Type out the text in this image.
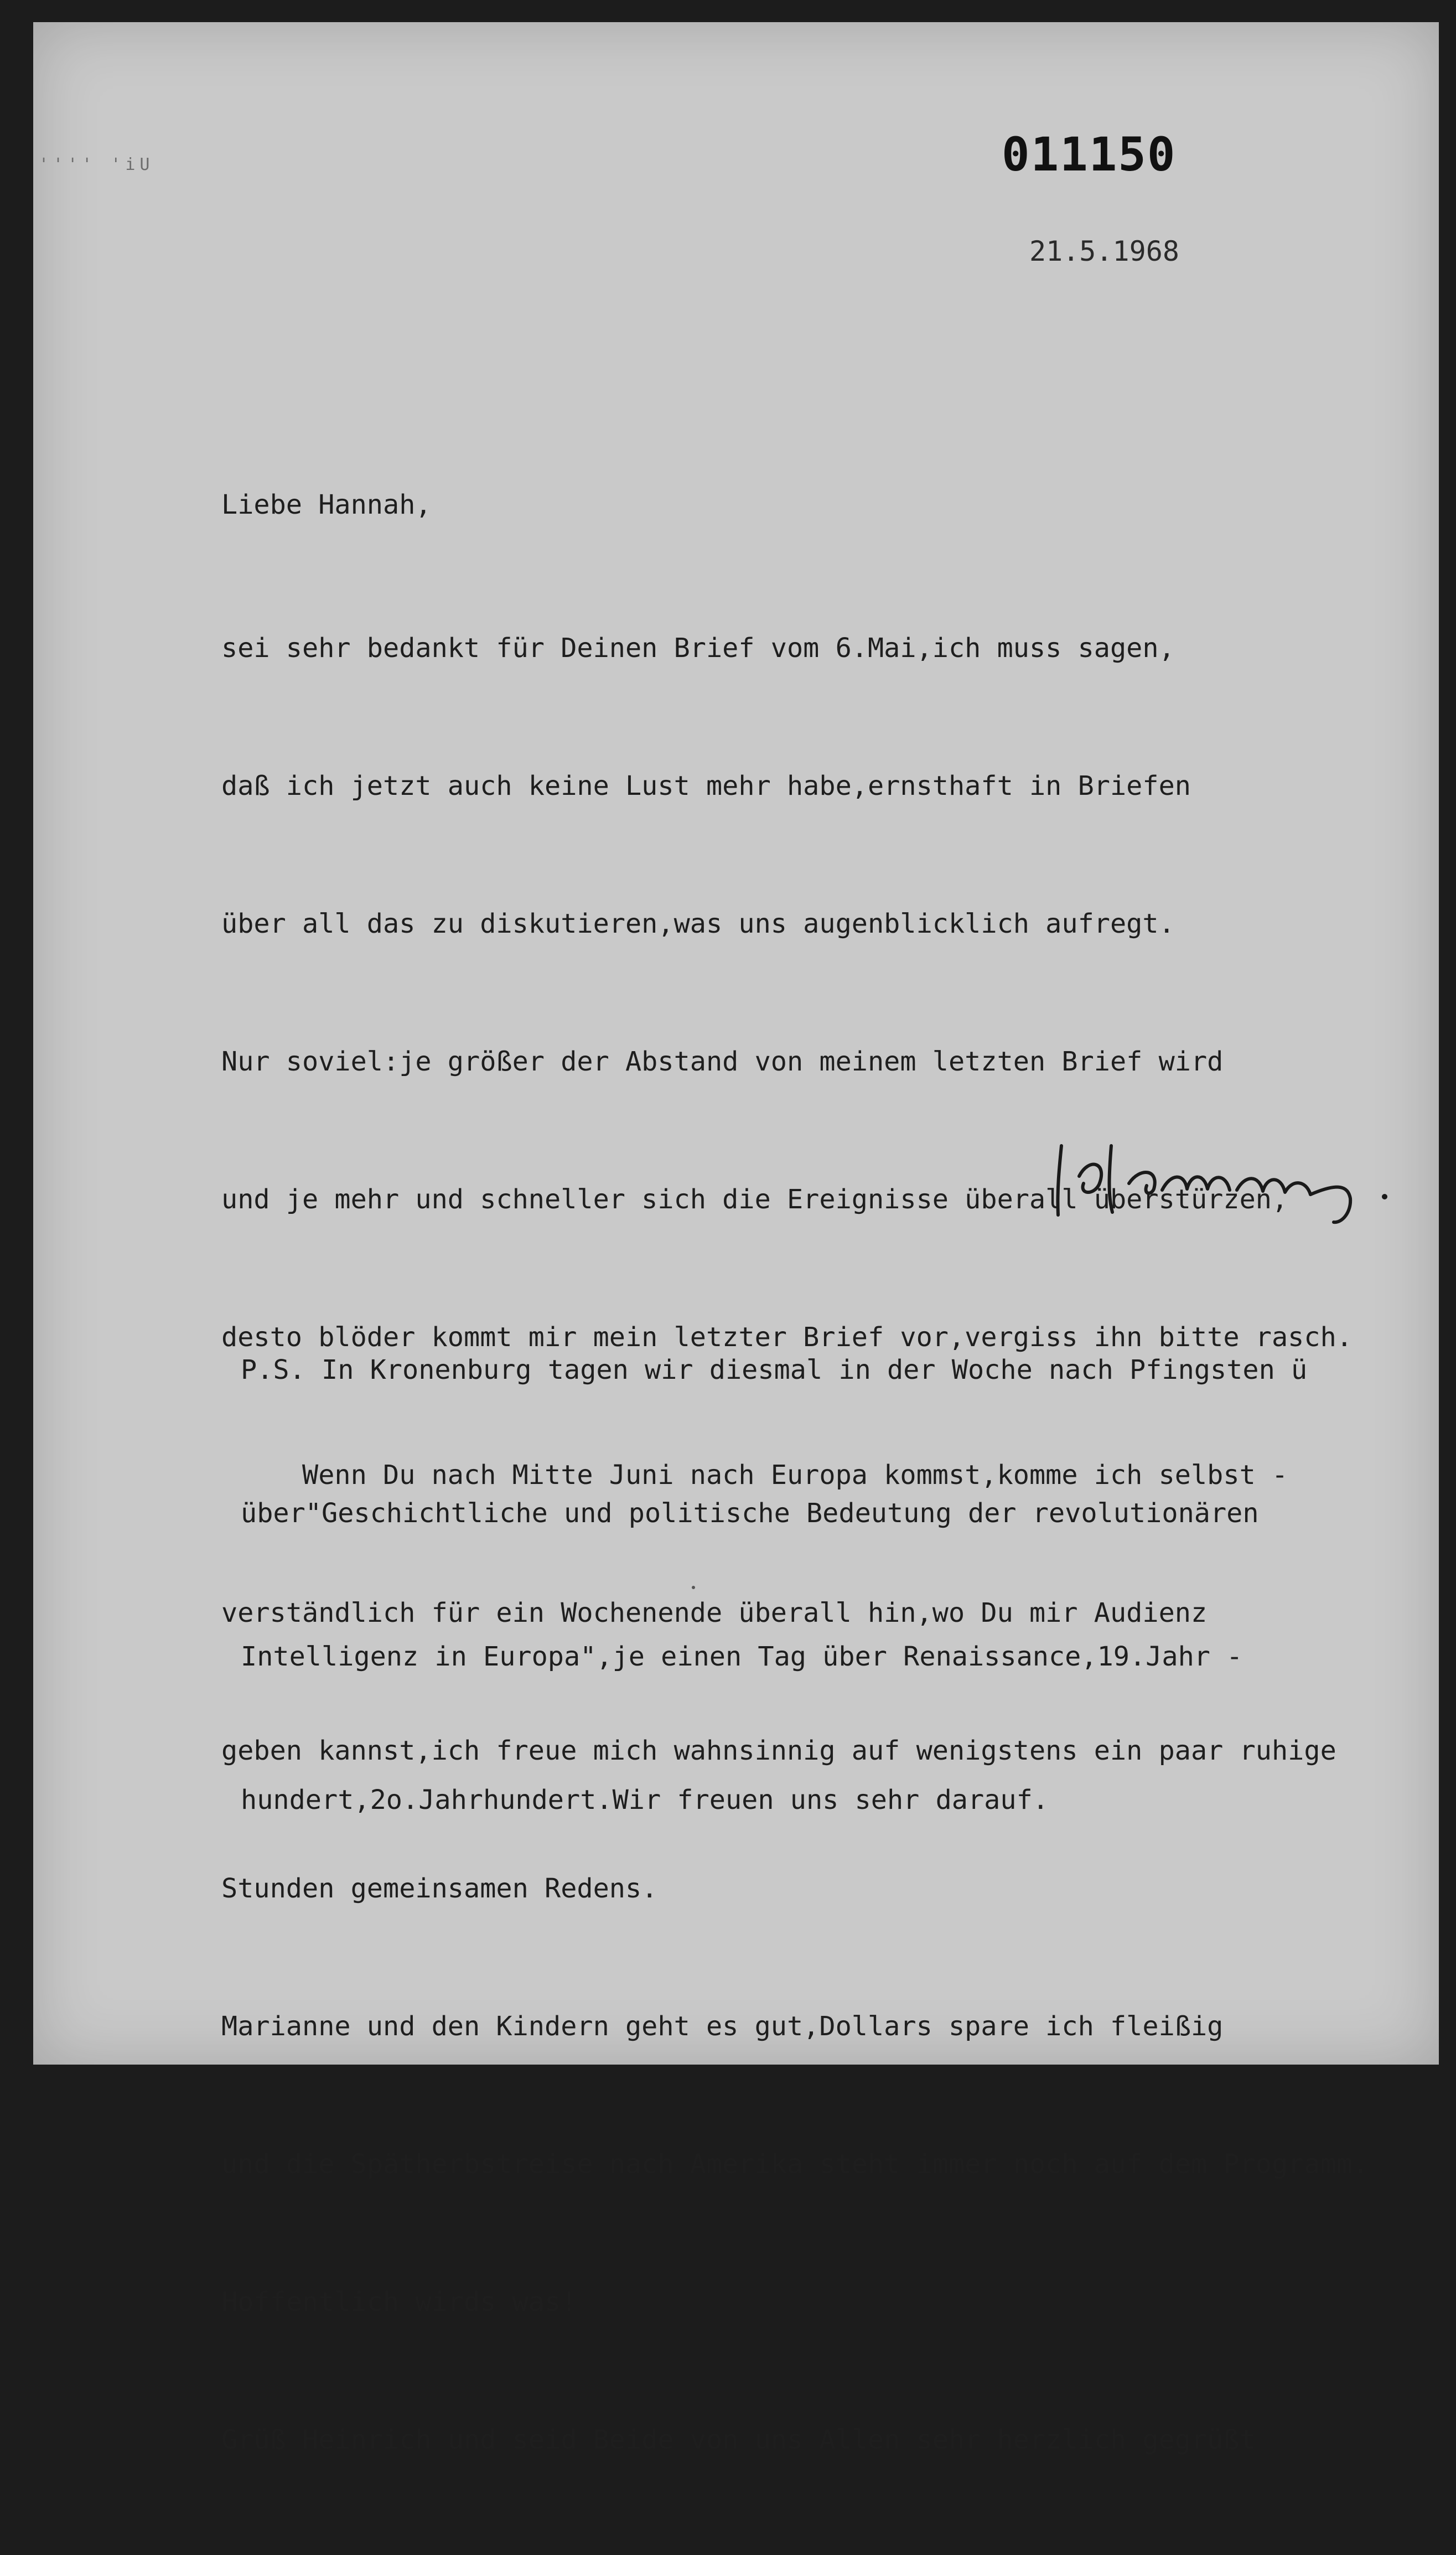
'''' 'iU	011150
21.5.1968

Liebe Hannah,

sei sehr bedankt für Deinen Brief vom 6.Mai,ich muss sagen,

daß ich jetzt auch keine Lust mehr habe,ernsthaft in Briefen

über all das zu diskutieren,was uns augenblicklich aufregt.

Nur soviel:je größer der Abstand von meinem letzten Brief wird

und je mehr und schneller sich die Ereignisse überall überstürzen,

desto blöder kommt mir mein letzter Brief vor,vergiss ihn bitte rasch.

Wenn Du nach Mitte Juni nach Europa kommst,komme ich selbst -

verständlich für ein Wochenende überall hin,wo Du mir Audienz

geben kannst,ich freue mich wahnsinnig auf wenigstens ein paar ruhige

Stunden gemeinsamen Redens.

Marianne und den Kindern geht es gut,Dollars spare ich fleißig

und die Spätherbstreise nach Amerika steht immer noch auf dem Programm.

Hoffentlich wirds was!

Grüß Heinrich und seid Beide von uns Allen sehr herzlich gegrüßt

P.S. In Kronenburg tagen wir diesmal in der Woche nach Pfingsten ü

über"Geschichtliche und politische Bedeutung der revolutionären

Intelligenz in Europa",je einen Tag über Renaissance,19.Jahr -

hundert,2o.Jahrhundert.Wir freuen uns sehr darauf.
